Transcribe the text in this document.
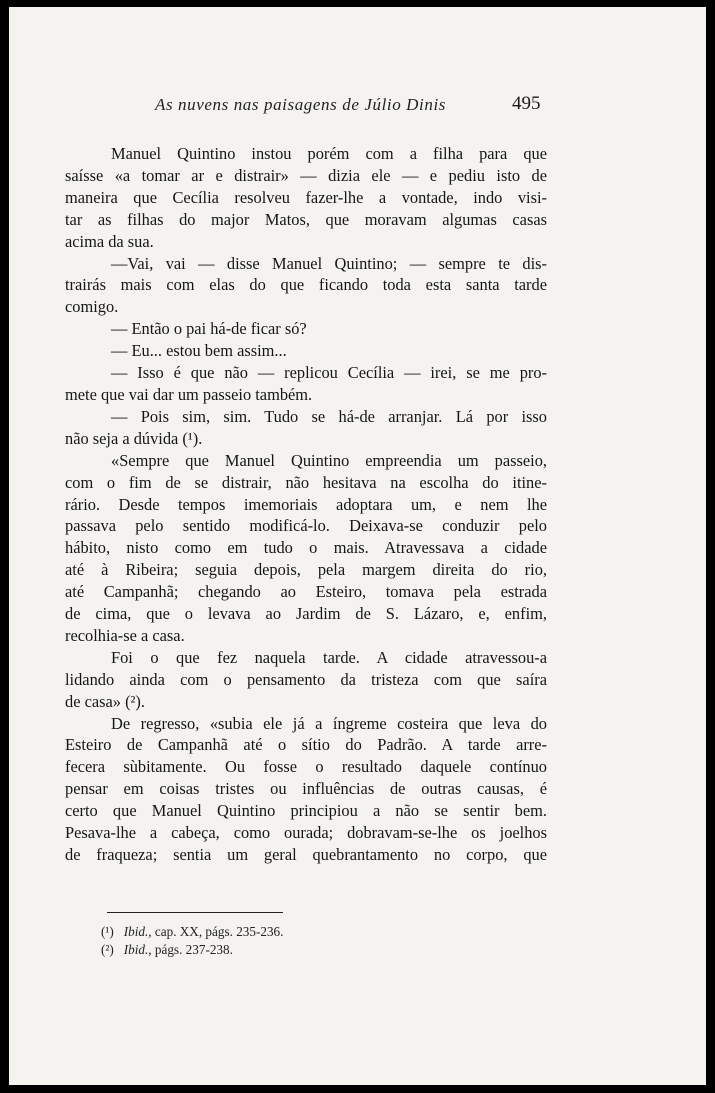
As nuvens nas paisagens de Júlio Dinis	495
Manuel Quintino instou porém com a filha para que
saísse «a tomar ar e distrair» — dizia ele — e pediu isto de
maneira que Cecília resolveu fazer-lhe a vontade, indo visi-
tar as filhas do major Matos, que moravam algumas casas
acima da sua.
—Vai, vai — disse Manuel Quintino; — sempre te dis-
trairás mais com elas do que ficando toda esta santa tarde
comigo.
— Então o pai há-de ficar só?
— Eu... estou bem assim...
— Isso é que não — replicou Cecília — irei, se me pro-
mete que vai dar um passeio também.
— Pois sim, sim. Tudo se há-de arranjar. Lá por isso
não seja a dúvida (¹).
«Sempre que Manuel Quintino empreendia um passeio,
com o fim de se distrair, não hesitava na escolha do itine-
rário. Desde tempos imemoriais adoptara um, e nem lhe
passava pelo sentido modificá-lo. Deixava-se conduzir pelo
hábito, nisto como em tudo o mais. Atravessava a cidade
até à Ribeira; seguia depois, pela margem direita do rio,
até Campanhã; chegando ao Esteiro, tomava pela estrada
de cima, que o levava ao Jardim de S. Lázaro, e, enfim,
recolhia-se a casa.
Foi o que fez naquela tarde. A cidade atravessou-a
lidando ainda com o pensamento da tristeza com que saíra
de casa» (²).
De regresso, «subia ele já a íngreme costeira que leva do
Esteiro de Campanhã até o sítio do Padrão. A tarde arre-
fecera sùbitamente. Ou fosse o resultado daquele contínuo
pensar em coisas tristes ou influências de outras causas, é
certo que Manuel Quintino principiou a não se sentir bem.
Pesava-lhe a cabeça, como ourada; dobravam-se-lhe os joelhos
de fraqueza; sentia um geral quebrantamento no corpo, que
(¹) Ibid., cap. XX, págs. 235-236.
(²) Ibid., págs. 237-238.
